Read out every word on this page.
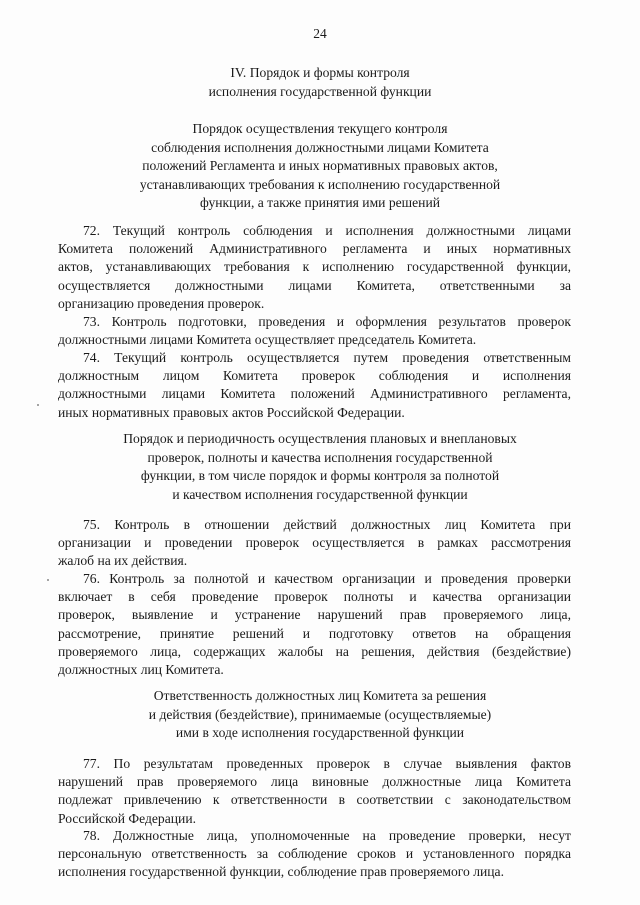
24
IV. Порядок и формы контроля
исполнения государственной функции
Порядок осуществления текущего контроля
соблюдения исполнения должностными лицами Комитета
положений Регламента и иных нормативных правовых актов,
устанавливающих требования к исполнению государственной
функции, а также принятия ими решений
72. Текущий контроль соблюдения и исполнения должностными лицами
Комитета положений Административного регламента и иных нормативных
актов, устанавливающих требования к исполнению государственной функции,
осуществляется должностными лицами Комитета, ответственными за
организацию проведения проверок.
73. Контроль подготовки, проведения и оформления результатов проверок
должностными лицами Комитета осуществляет председатель Комитета.
74. Текущий контроль осуществляется путем проведения ответственным
должностным лицом Комитета проверок соблюдения и исполнения
должностными лицами Комитета положений Административного регламента,
иных нормативных правовых актов Российской Федерации.
Порядок и периодичность осуществления плановых и внеплановых
проверок, полноты и качества исполнения государственной
функции, в том числе порядок и формы контроля за полнотой
и качеством исполнения государственной функции
75. Контроль в отношении действий должностных лиц Комитета при
организации и проведении проверок осуществляется в рамках рассмотрения
жалоб на их действия.
76. Контроль за полнотой и качеством организации и проведения проверки
включает в себя проведение проверок полноты и качества организации
проверок, выявление и устранение нарушений прав проверяемого лица,
рассмотрение, принятие решений и подготовку ответов на обращения
проверяемого лица, содержащих жалобы на решения, действия (бездействие)
должностных лиц Комитета.
Ответственность должностных лиц Комитета за решения
и действия (бездействие), принимаемые (осуществляемые)
ими в ходе исполнения государственной функции
77. По результатам проведенных проверок в случае выявления фактов
нарушений прав проверяемого лица виновные должностные лица Комитета
подлежат привлечению к ответственности в соответствии с законодательством
Российской Федерации.
78. Должностные лица, уполномоченные на проведение проверки, несут
персональную ответственность за соблюдение сроков и установленного порядка
исполнения государственной функции, соблюдение прав проверяемого лица.
